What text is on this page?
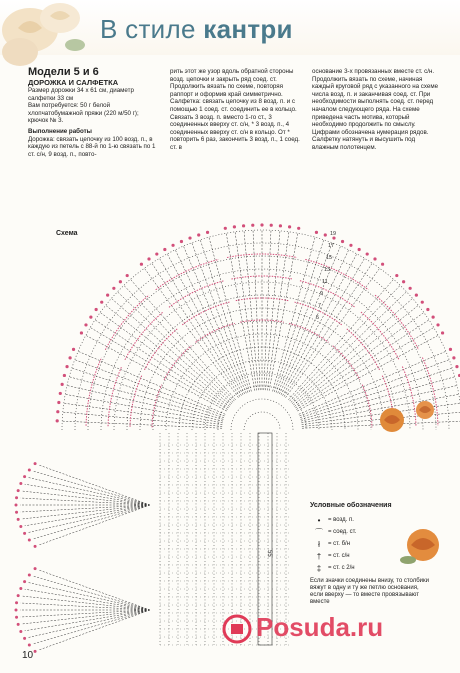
В стиле кантри

Модели 5 и 6

ДОРОЖКА И САЛФЕТКА

Размер дорожки 34 х 61 см, диаметр салфетки 33 см

Вам потребуется: 50 г белой хлопчатобумажной пряжи (220 м/50 г); крючок № 3.

Выполнение работы

Дорожка: связать цепочку из 100 возд. п., в каждую из петель с 88-й по 1-ю связать по 1 ст. с/н, 9 возд. п., повто-

рить этот же узор вдоль обратной стороны возд. цепочки и закрыть ряд соед. ст. Продолжить вязать по схеме, повторяя раппорт и оформив край симметрично.

Салфетка: связать цепочку из 8 возд. п. и с помощью 1 соед. ст. соединить ее в кольцо. Связать 3 возд. п. вместо 1-го ст., 3 соединенных вверху ст. с/н, * 3 возд. п., 4 соединенных вверху ст. с/н в кольцо. От * повторить 6 раз, закончить 3 возд. п., 1 соед. ст. в

основание 3-х провязанных вместе ст. с/н. Продолжить вязать по схеме, начиная каждый круговой ряд с указанного на схеме числа возд. п. и заканчивая соед. ст. При необходимости выполнять соед. ст. перед началом следующего ряда. На схеме приведена часть мотива, который необходимо продолжить по смыслу. Цифрами обозначена нумерация рядов. Салфетку натянуть и высушить под влажным полотенцем.

Схема
55
19
17
15
13
11
9
7
5
Условные обозначения
•	= возд. п.
⌒ = соед. ст.
ł	= ст. б/н
†	= ст. с/н
‡	= ст. с 2/н
Если значки соединены внизу, то столбики вяжут в одну и ту же петлю основания, если вверху — то вместе провязывают вместе
Posuda.ru
10
